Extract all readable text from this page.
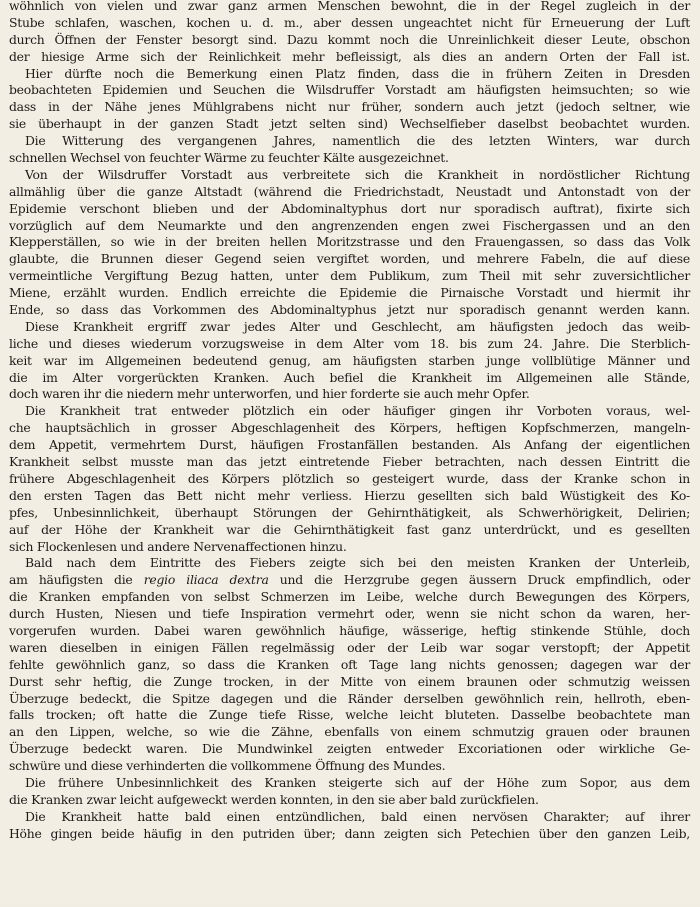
wöhnlich von vielen und zwar ganz armen Menschen bewohnt, die in der Regel zugleich in der
Stube schlafen, waschen, kochen u. d. m., aber dessen ungeachtet nicht für Erneuerung der Luft
durch Öffnen der Fenster besorgt sind. Dazu kommt noch die Unreinlichkeit dieser Leute, obschon
der hiesige Arme sich der Reinlichkeit mehr befleissigt, als dies an andern Orten der Fall ist.
Hier dürfte noch die Bemerkung einen Platz finden, dass die in frühern Zeiten in Dresden
beobachteten Epidemien und Seuchen die Wilsdruffer Vorstadt am häufigsten heimsuchten; so wie
dass in der Nähe jenes Mühlgrabens nicht nur früher, sondern auch jetzt (jedoch seltner, wie
sie überhaupt in der ganzen Stadt jetzt selten sind) Wechselfieber daselbst beobachtet wurden.
Die Witterung des vergangenen Jahres, namentlich die des letzten Winters, war durch
schnellen Wechsel von feuchter Wärme zu feuchter Kälte ausgezeichnet.
Von der Wilsdruffer Vorstadt aus verbreitete sich die Krankheit in nordöstlicher Richtung
allmählig über die ganze Altstadt (während die Friedrichstadt, Neustadt und Antonstadt von der
Epidemie verschont blieben und der Abdominaltyphus dort nur sporadisch auftrat), fixirte sich
vorzüglich auf dem Neumarkte und den angrenzenden engen zwei Fischergassen und an den
Klepperställen, so wie in der breiten hellen Moritzstrasse und den Frauengassen, so dass das Volk
glaubte, die Brunnen dieser Gegend seien vergiftet worden, und mehrere Fabeln, die auf diese
vermeintliche Vergiftung Bezug hatten, unter dem Publikum, zum Theil mit sehr zuversichtlicher
Miene, erzählt wurden. Endlich erreichte die Epidemie die Pirnaische Vorstadt und hiermit ihr
Ende, so dass das Vorkommen des Abdominaltyphus jetzt nur sporadisch genannt werden kann.
Diese Krankheit ergriff zwar jedes Alter und Geschlecht, am häufigsten jedoch das weib-
liche und dieses wiederum vorzugsweise in dem Alter vom 18. bis zum 24. Jahre. Die Sterblich-
keit war im Allgemeinen bedeutend genug, am häufigsten starben junge vollblütige Männer und
die im Alter vorgerückten Kranken. Auch befiel die Krankheit im Allgemeinen alle Stände,
doch waren ihr die niedern mehr unterworfen, und hier forderte sie auch mehr Opfer.
Die Krankheit trat entweder plötzlich ein oder häufiger gingen ihr Vorboten voraus, wel-
che hauptsächlich in grosser Abgeschlagenheit des Körpers, heftigen Kopfschmerzen, mangeln-
dem Appetit, vermehrtem Durst, häufigen Frostanfällen bestanden. Als Anfang der eigentlichen
Krankheit selbst musste man das jetzt eintretende Fieber betrachten, nach dessen Eintritt die
frühere Abgeschlagenheit des Körpers plötzlich so gesteigert wurde, dass der Kranke schon in
den ersten Tagen das Bett nicht mehr verliess. Hierzu gesellten sich bald Wüstigkeit des Ko-
pfes, Unbesinnlichkeit, überhaupt Störungen der Gehirnthätigkeit, als Schwerhörigkeit, Delirien;
auf der Höhe der Krankheit war die Gehirnthätigkeit fast ganz unterdrückt, und es gesellten
sich Flockenlesen und andere Nervenaffectionen hinzu.
Bald nach dem Eintritte des Fiebers zeigte sich bei den meisten Kranken der Unterleib,
am häufigsten die regio iliaca dextra und die Herzgrube gegen äussern Druck empfindlich, oder
die Kranken empfanden von selbst Schmerzen im Leibe, welche durch Bewegungen des Körpers,
durch Husten, Niesen und tiefe Inspiration vermehrt oder, wenn sie nicht schon da waren, her-
vorgerufen wurden. Dabei waren gewöhnlich häufige, wässerige, heftig stinkende Stühle, doch
waren dieselben in einigen Fällen regelmässig oder der Leib war sogar verstopft; der Appetit
fehlte gewöhnlich ganz, so dass die Kranken oft Tage lang nichts genossen; dagegen war der
Durst sehr heftig, die Zunge trocken, in der Mitte von einem braunen oder schmutzig weissen
Überzuge bedeckt, die Spitze dagegen und die Ränder derselben gewöhnlich rein, hellroth, eben-
falls trocken; oft hatte die Zunge tiefe Risse, welche leicht bluteten. Dasselbe beobachtete man
an den Lippen, welche, so wie die Zähne, ebenfalls von einem schmutzig grauen oder braunen
Überzuge bedeckt waren. Die Mundwinkel zeigten entweder Excoriationen oder wirkliche Ge-
schwüre und diese verhinderten die vollkommene Öffnung des Mundes.
Die frühere Unbesinnlichkeit des Kranken steigerte sich auf der Höhe zum Sopor, aus dem
die Kranken zwar leicht aufgeweckt werden konnten, in den sie aber bald zurückfielen.
Die Krankheit hatte bald einen entzündlichen, bald einen nervösen Charakter; auf ihrer
Höhe gingen beide häufig in den putriden über; dann zeigten sich Petechien über den ganzen Leib,
